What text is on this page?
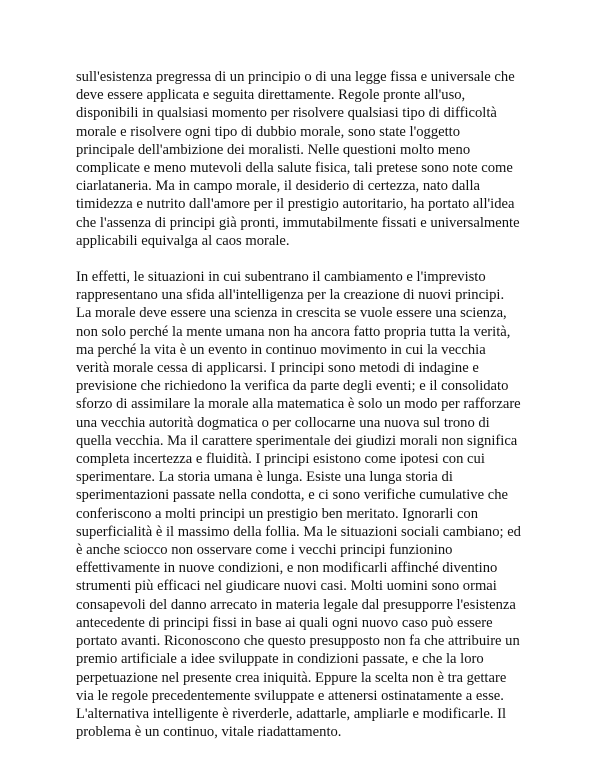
sull'esistenza pregressa di un principio o di una legge fissa e universale che
deve essere applicata e seguita direttamente. Regole pronte all'uso,
disponibili in qualsiasi momento per risolvere qualsiasi tipo di difficoltà
morale e risolvere ogni tipo di dubbio morale, sono state l'oggetto
principale dell'ambizione dei moralisti. Nelle questioni molto meno
complicate e meno mutevoli della salute fisica, tali pretese sono note come
ciarlataneria. Ma in campo morale, il desiderio di certezza, nato dalla
timidezza e nutrito dall'amore per il prestigio autoritario, ha portato all'idea
che l'assenza di principi già pronti, immutabilmente fissati e universalmente
applicabili equivalga al caos morale.

In effetti, le situazioni in cui subentrano il cambiamento e l'imprevisto
rappresentano una sfida all'intelligenza per la creazione di nuovi principi.
La morale deve essere una scienza in crescita se vuole essere una scienza,
non solo perché la mente umana non ha ancora fatto propria tutta la verità,
ma perché la vita è un evento in continuo movimento in cui la vecchia
verità morale cessa di applicarsi. I principi sono metodi di indagine e
previsione che richiedono la verifica da parte degli eventi; e il consolidato
sforzo di assimilare la morale alla matematica è solo un modo per rafforzare
una vecchia autorità dogmatica o per collocarne una nuova sul trono di
quella vecchia. Ma il carattere sperimentale dei giudizi morali non significa
completa incertezza e fluidità. I principi esistono come ipotesi con cui
sperimentare. La storia umana è lunga. Esiste una lunga storia di
sperimentazioni passate nella condotta, e ci sono verifiche cumulative che
conferiscono a molti principi un prestigio ben meritato. Ignorarli con
superficialità è il massimo della follia. Ma le situazioni sociali cambiano; ed
è anche sciocco non osservare come i vecchi principi funzionino
effettivamente in nuove condizioni, e non modificarli affinché diventino
strumenti più efficaci nel giudicare nuovi casi. Molti uomini sono ormai
consapevoli del danno arrecato in materia legale dal presupporre l'esistenza
antecedente di principi fissi in base ai quali ogni nuovo caso può essere
portato avanti. Riconoscono che questo presupposto non fa che attribuire un
premio artificiale a idee sviluppate in condizioni passate, e che la loro
perpetuazione nel presente crea iniquità. Eppure la scelta non è tra gettare
via le regole precedentemente sviluppate e attenersi ostinatamente a esse.
L'alternativa intelligente è riverderle, adattarle, ampliarle e modificarle. Il
problema è un continuo, vitale riadattamento.
